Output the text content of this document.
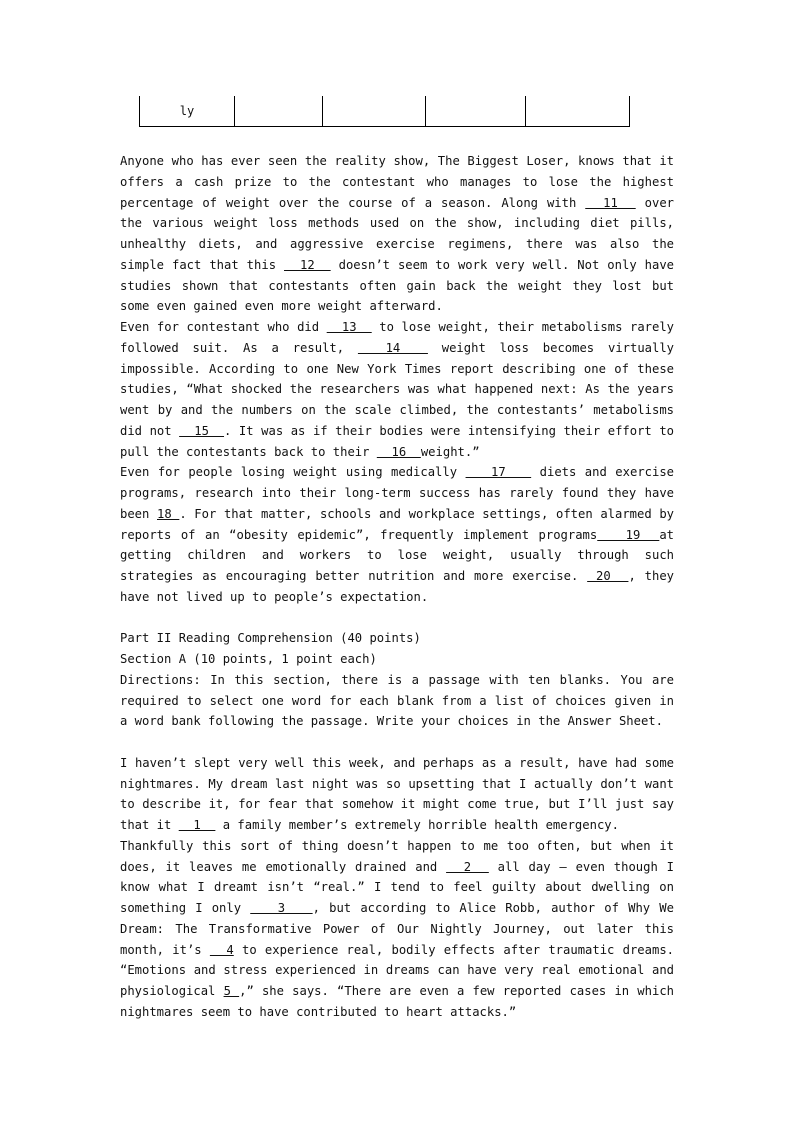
ly				

Anyone who has ever seen the reality show, The Biggest Loser, knows that it offers a cash prize to the contestant who manages to lose the highest percentage of weight over the course of a season. Along with   11   over the various weight loss methods used on the show, including diet pills, unhealthy diets, and aggressive exercise regimens, there was also the simple fact that this   12   doesn’t seem to work very well. Not only have studies shown that contestants often gain back the weight they lost but some even gained even more weight afterward.

Even for contestant who did   13   to lose weight, their metabolisms rarely followed suit. As a result,   14   weight loss becomes virtually impossible. According to one New York Times report describing one of these studies, “What shocked the researchers was what happened next: As the years went by and the numbers on the scale climbed, the contestants’ metabolisms did not   15  . It was as if their bodies were intensifying their effort to pull the contestants back to their   16  weight.”

Even for people losing weight using medically    17    diets and exercise programs, research into their long-term success has rarely found they have been 18 . For that matter, schools and workplace settings, often alarmed by reports of an “obesity epidemic”, frequently implement programs   19  at getting children and workers to lose weight, usually through such strategies as encouraging better nutrition and more exercise.  20  , they have not lived up to people’s expectation.

Part II Reading Comprehension (40 points)

Section A (10 points, 1 point each)

Directions: In this section, there is a passage with ten blanks. You are required to select one word for each blank from a list of choices given in a word bank following the passage. Write your choices in the Answer Sheet.

I haven’t slept very well this week, and perhaps as a result, have had some nightmares. My dream last night was so upsetting that I actually don’t want to describe it, for fear that somehow it might come true, but I’ll just say that it   1   a family member’s extremely horrible health emergency.

Thankfully this sort of thing doesn’t happen to me too often, but when it does, it leaves me emotionally drained and   2   all day — even though I know what I dreamt isn’t “real.” I tend to feel guilty about dwelling on something I only    3   , but according to Alice Robb, author of Why We Dream: The Transformative Power of Our Nightly Journey, out later this month, it’s   4 to experience real, bodily effects after traumatic dreams. “Emotions and stress experienced in dreams can have very real emotional and physiological 5 ,” she says. “There are even a few reported cases in which nightmares seem to have contributed to heart attacks.”
